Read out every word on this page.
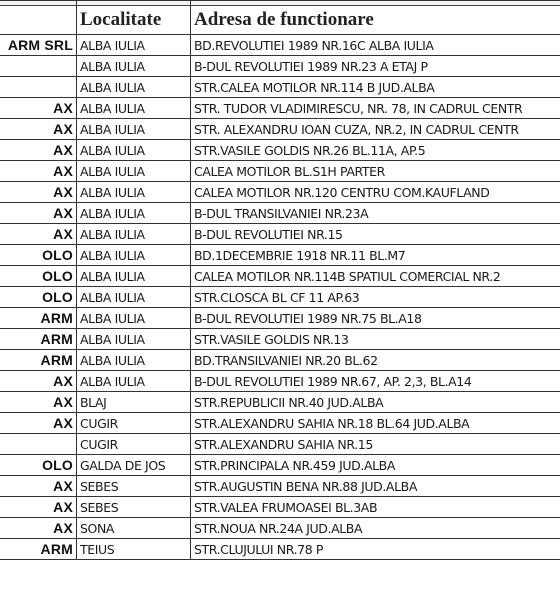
	Localitate	Adresa de functionare
ARM SRL	ALBA IULIA	BD.REVOLUTIEI 1989 NR.16C ALBA IULIA
	ALBA IULIA	B-DUL REVOLUTIEI 1989 NR.23 A ETAJ P
	ALBA IULIA	STR.CALEA MOTILOR NR.114 B JUD.ALBA
AX	ALBA IULIA	STR. TUDOR VLADIMIRESCU, NR. 78, IN CADRUL CENTR
AX	ALBA IULIA	STR. ALEXANDRU IOAN CUZA, NR.2, IN CADRUL CENTR
AX	ALBA IULIA	STR.VASILE GOLDIS NR.26 BL.11A, AP.5
AX	ALBA IULIA	CALEA MOTILOR BL.S1H PARTER
AX	ALBA IULIA	CALEA MOTILOR NR.120 CENTRU COM.KAUFLAND
AX	ALBA IULIA	B-DUL TRANSILVANIEI NR.23A
AX	ALBA IULIA	B-DUL REVOLUTIEI NR.15
OLO	ALBA IULIA	BD.1DECEMBRIE 1918 NR.11 BL.M7
OLO	ALBA IULIA	CALEA MOTILOR NR.114B SPATIUL COMERCIAL NR.2
OLO	ALBA IULIA	STR.CLOSCA BL CF 11 AP.63
ARM	ALBA IULIA	B-DUL REVOLUTIEI 1989 NR.75 BL.A18
ARM	ALBA IULIA	STR.VASILE GOLDIS NR.13
ARM	ALBA IULIA	BD.TRANSILVANIEI NR.20 BL.62
AX	ALBA IULIA	B-DUL REVOLUTIEI 1989 NR.67, AP. 2,3, BL.A14
AX	BLAJ	STR.REPUBLICII NR.40 JUD.ALBA
AX	CUGIR	STR.ALEXANDRU SAHIA NR.18 BL.64 JUD.ALBA
	CUGIR	STR.ALEXANDRU SAHIA NR.15
OLO	GALDA DE JOS	STR.PRINCIPALA NR.459 JUD.ALBA
AX	SEBES	STR.AUGUSTIN BENA NR.88 JUD.ALBA
AX	SEBES	STR.VALEA FRUMOASEI BL.3AB
AX	SONA	STR.NOUA NR.24A JUD.ALBA
ARM	TEIUS	STR.CLUJULUI NR.78 P
